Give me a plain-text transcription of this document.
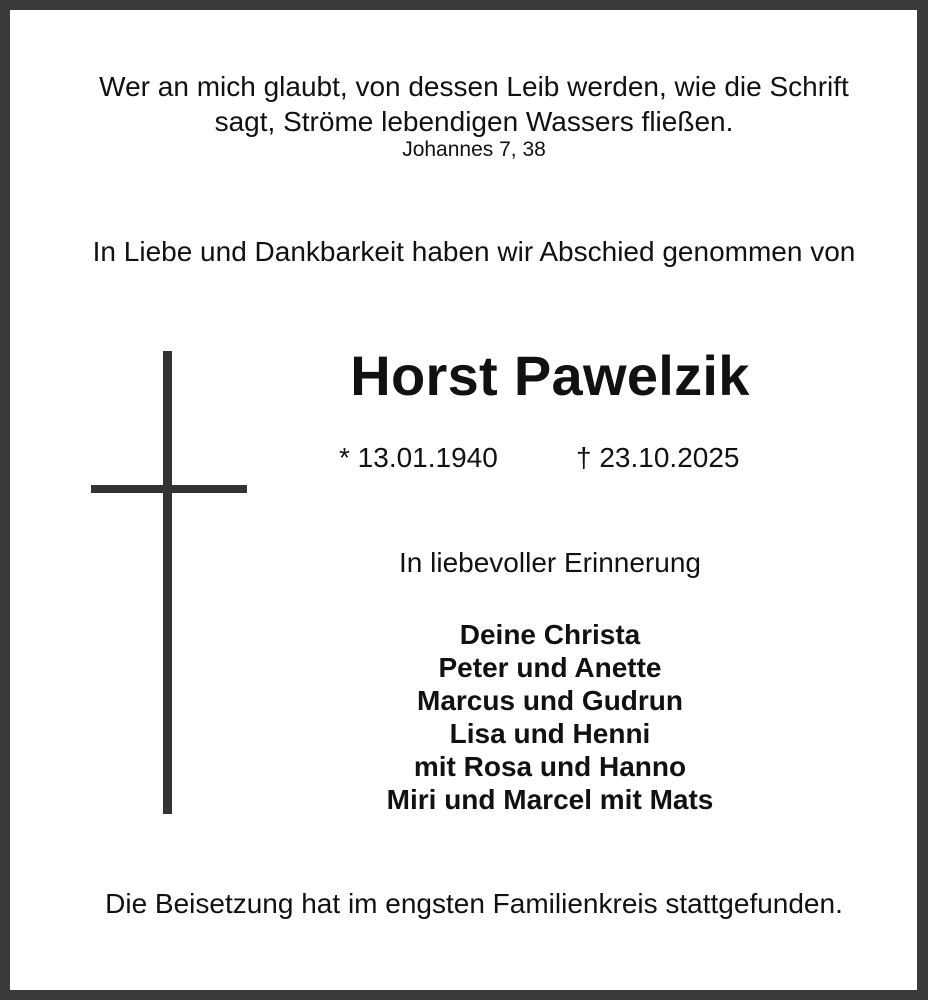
Wer an mich glaubt, von dessen Leib werden, wie die Schrift
sagt, Ströme lebendigen Wassers fließen.
Johannes 7, 38
In Liebe und Dankbarkeit haben wir Abschied genommen von
Horst Pawelzik
* 13.01.1940	† 23.10.2025
In liebevoller Erinnerung
Deine Christa
Peter und Anette
Marcus und Gudrun
Lisa und Henni
mit Rosa und Hanno
Miri und Marcel mit Mats
Die Beisetzung hat im engsten Familienkreis stattgefunden.
